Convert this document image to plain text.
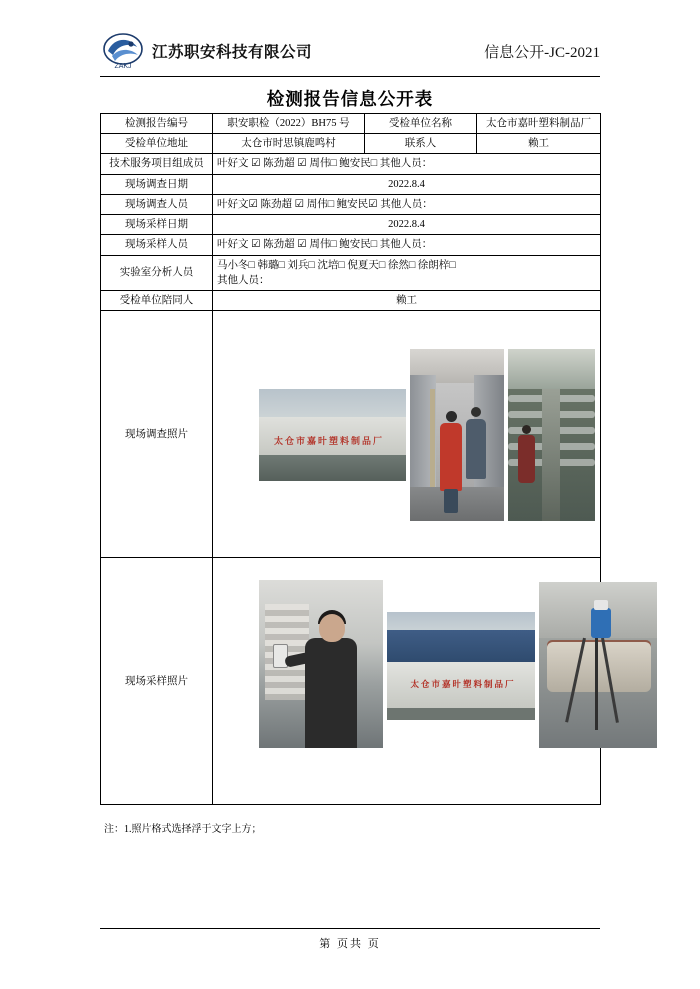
ZAKJ
江苏职安科技有限公司	信息公开-JC-2021
检测报告信息公开表
检测报告编号	职安职检（2022）BH75 号	受检单位名称	太仓市嘉旪塑料制品厂
受检单位地址	太仓市时思镇鹿鸣村	联系人	赖工
技术服务项目组成员	叶好文 ☑ 陈劲超 ☑ 周伟□ 鲍安民□ 其他人员：		
现场调查日期	2022.8.4		
现场调查人员	叶好文☑ 陈劲超 ☑ 周伟□ 鲍安民☑ 其他人员：		
现场采样日期	2022.8.4		
现场采样人员	叶好文 ☑ 陈劲超 ☑ 周伟□ 鲍安民□ 其他人员：		
实验室分析人员	马小冬□ 韩璐□ 刘兵□ 沈培□ 倪夏天□ 徐然□ 徐朗梓□
其他人员：		

受检单位陪同人	赖工		
现场调查照片	太仓市嘉旪塑料制品厂		

现场采样照片	太仓市嘉旪塑料制品厂		
注：1.照片格式选择浮于文字上方；
第 页共 页
